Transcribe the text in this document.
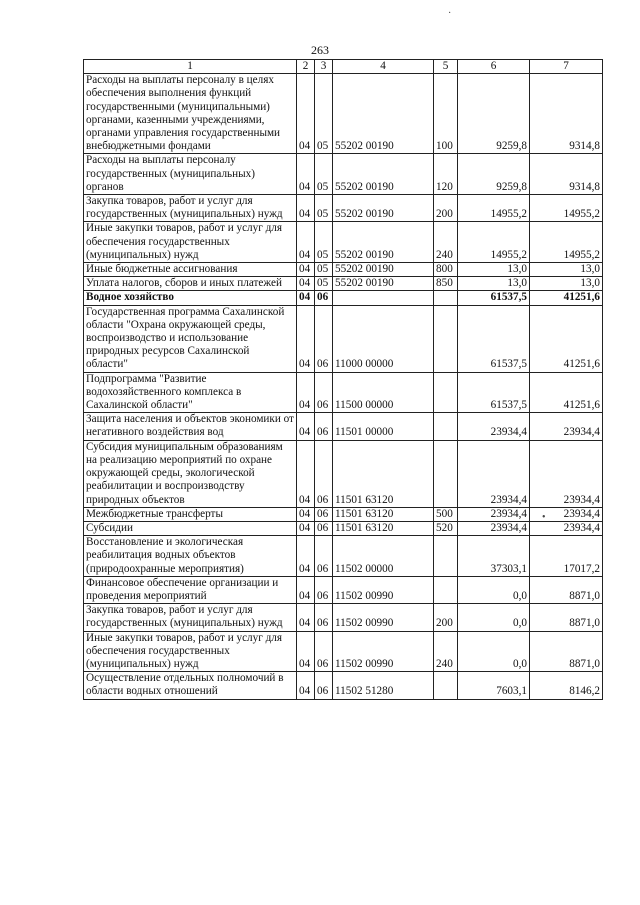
263
1	2	3	4	5	6	7
Расходы на выплаты персоналу в целях обеспечения выполнения функций государственными (муниципальными) органами, казенными учреждениями, органами управления государственными внебюджетными фондами	04	05	55202 00190	100	9259,8	9314,8
Расходы на выплаты персоналу государственных (муниципальных) органов	04	05	55202 00190	120	9259,8	9314,8
Закупка товаров, работ и услуг для государственных (муниципальных) нужд	04	05	55202 00190	200	14955,2	14955,2
Иные закупки товаров, работ и услуг для обеспечения государственных (муниципальных) нужд	04	05	55202 00190	240	14955,2	14955,2
Иные бюджетные ассигнования	04	05	55202 00190	800	13,0	13,0
Уплата налогов, сборов и иных платежей	04	05	55202 00190	850	13,0	13,0
Водное хозяйство	04	06			61537,5	41251,6
Государственная программа Сахалинской области "Охрана окружающей среды, воспроизводство и использование природных ресурсов Сахалинской области"	04	06	11000 00000		61537,5	41251,6
Подпрограмма "Развитие водохозяйственного комплекса в Сахалинской области"	04	06	11500 00000		61537,5	41251,6
Защита населения и объектов экономики от негативного воздействия вод	04	06	11501 00000		23934,4	23934,4
Субсидия муниципальным образованиям на реализацию мероприятий по охране окружающей среды, экологической реабилитации и воспроизводству природных объектов	04	06	11501 63120		23934,4	23934,4
Межбюджетные трансферты	04	06	11501 63120	500	23934,4	23934,4
Субсидии	04	06	11501 63120	520	23934,4	23934,4
Восстановление и экологическая реабилитация водных объектов (природоохранные мероприятия)	04	06	11502 00000		37303,1	17017,2
Финансовое обеспечение организации и проведения мероприятий	04	06	11502 00990		0,0	8871,0
Закупка товаров, работ и услуг для государственных (муниципальных) нужд	04	06	11502 00990	200	0,0	8871,0
Иные закупки товаров, работ и услуг для обеспечения государственных (муниципальных) нужд	04	06	11502 00990	240	0,0	8871,0
Осуществление отдельных полномочий в области водных отношений	04	06	11502 51280		7603,1	8146,2
·
•
